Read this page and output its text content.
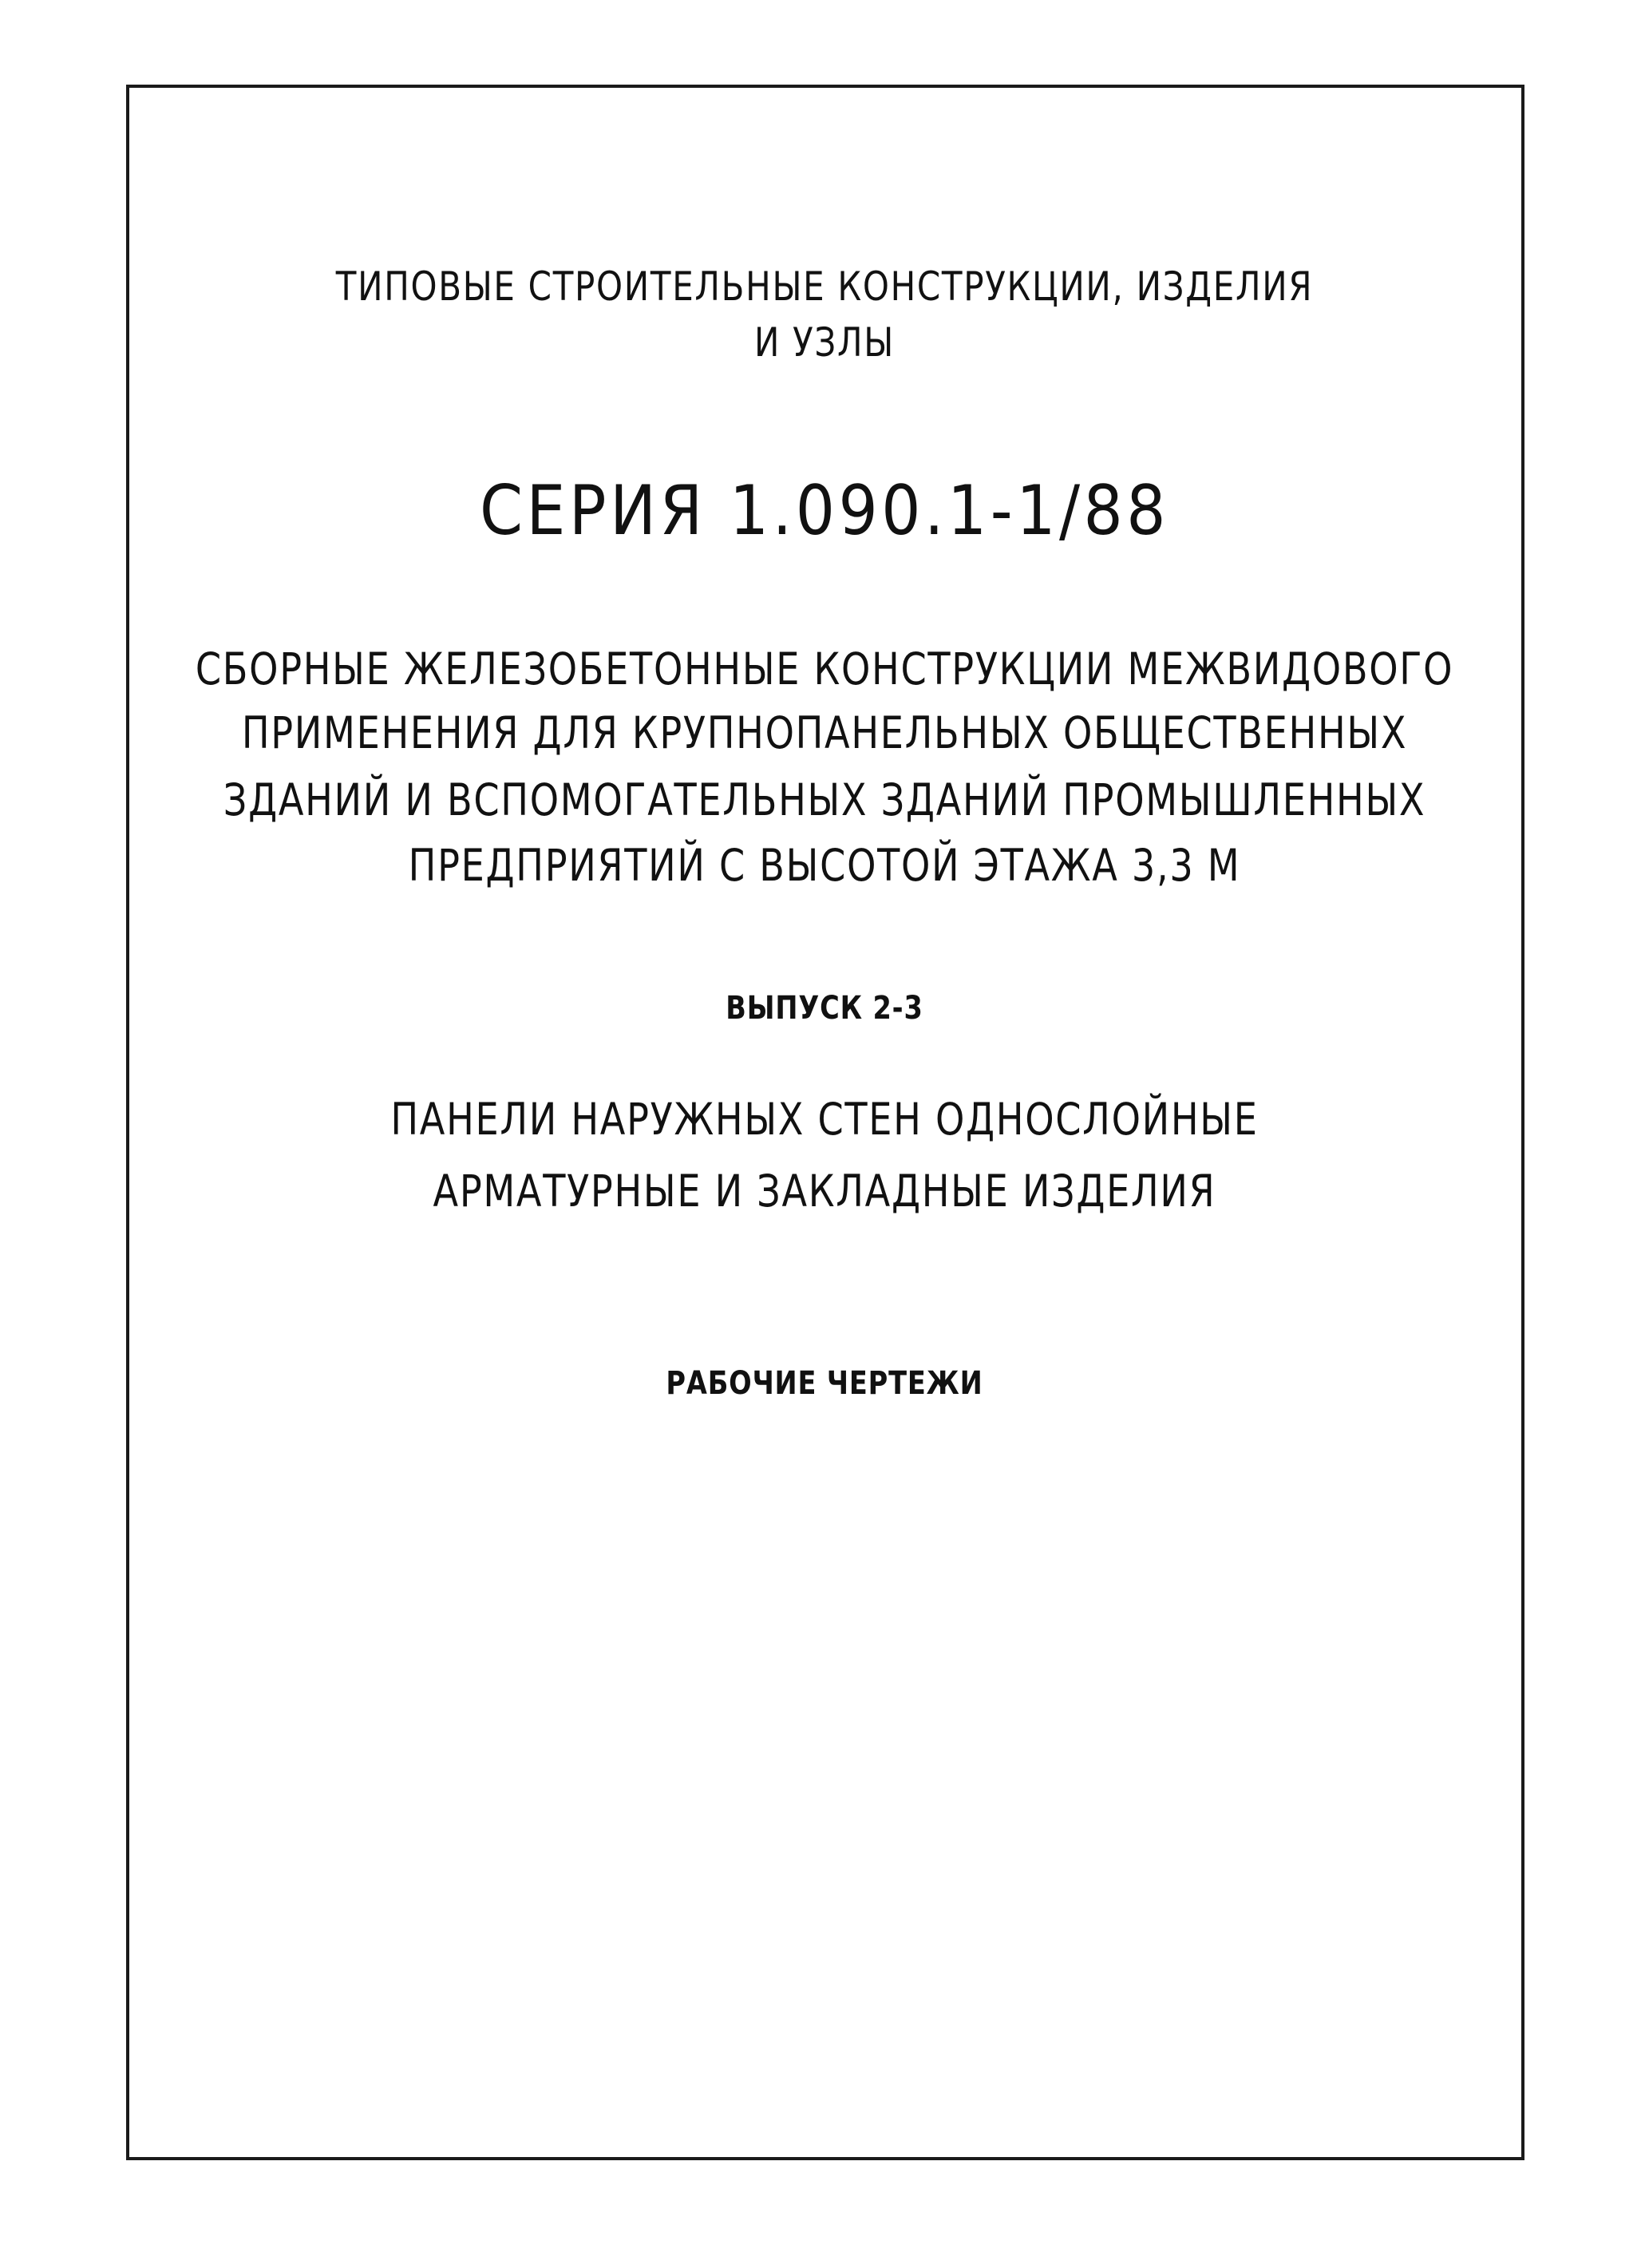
ТИПОВЫЕ СТРОИТЕЛЬНЫЕ КОНСТРУКЦИИ, ИЗДЕЛИЯ
И УЗЛЫ
СЕРИЯ 1.090.1-1/88
СБОРНЫЕ ЖЕЛЕЗОБЕТОННЫЕ КОНСТРУКЦИИ МЕЖВИДОВОГО
ПРИМЕНЕНИЯ ДЛЯ КРУПНОПАНЕЛЬНЫХ ОБЩЕСТВЕННЫХ
ЗДАНИЙ И ВСПОМОГАТЕЛЬНЫХ ЗДАНИЙ ПРОМЫШЛЕННЫХ
ПРЕДПРИЯТИЙ С ВЫСОТОЙ ЭТАЖА 3,3 М
ВЫПУСК 2-3
ПАНЕЛИ НАРУЖНЫХ СТЕН ОДНОСЛОЙНЫЕ
АРМАТУРНЫЕ И ЗАКЛАДНЫЕ ИЗДЕЛИЯ
РАБОЧИЕ ЧЕРТЕЖИ
